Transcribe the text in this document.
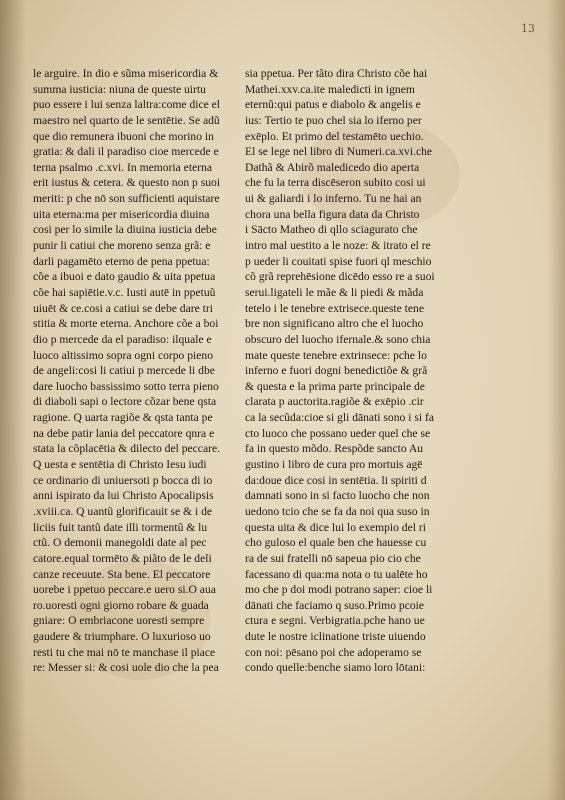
13
le arguire. In dio e sũma misericordia &
summa iusticia: niuna de queste uirtu
puo essere i lui senza laltra:come dice el
maestro nel quarto de le sentētie. Se adũ
que dio remunera ibuoni che morino in
gratia: & dali il paradiso cioe mercede e
terna psalmo .c.xvi. In memoria eterna
erit iustus & cetera. & questo non p suoi
meriti: p che nō son sufficienti aquistare
uita eterna:ma per misericordia diuina
cosi per lo simile la diuina iusticia debe
punir li catiui che moreno senza grã: e
darli pagamēto eterno de pena ppetua:
cõe a ibuoi e dato gaudio & uita ppetua
cõe hai sapiētie.v.c. Iusti autē in ppetuũ
uiuēt & ce.cosi a catiui se debe dare tri
stitia & morte eterna. Anchore cõe a boi
dio p mercede da el paradiso: ilquale e
luoco altissimo sopra ogni corpo pieno
de angeli:cosi li catiui p mercede li dbe
dare luocho bassissimo sotto terra pieno
di diaboli sapi o lectore cõzar bene qsta
ragione. Q uarta ragiõe & qsta tanta pe
na debe patir lania del peccatore qnra e
stata la cõplacētia & dilecto del peccare.
Q uesta e sentētia di Christo Iesu iudi
ce ordinario di uniuersoti p bocca di io
anni ispirato da lui Christo Apocalipsis
.xviii.ca. Q uantũ glorificauit se & i de
liciis fuit tantũ date illi tormentũ & lu
ctũ. O demonii manegoldi date al pec
catore.equal tormēto & piãto de le deli
canze receuute. Sta bene. El peccatore
uorebe i ppetuo peccare.e uero si.O aua
ro.uoresti ogni giorno robare & guada
gniare: O embriacone uoresti sempre
gaudere & triumphare. O luxurioso uo
resti tu che mai nō te manchase il piace
re: Messer si: & cosi uole dio che la pea
sia ppetua. Per tãto dira Christo cõe hai
Mathei.xxv.ca.ite maledicti in ignem
eternũ:qui patus e diabolo & angelis e
ius: Tertio te puo chel sia lo iferno per
exēplo. Et primo del testamēto uechio.
El se lege nel libro di Numeri.ca.xvi.che
Dathã & Abirõ maledicedo dio aperta
che fu la terra discēseron subito cosi ui
ui & galiardi i lo inferno. Tu ne hai an
chora una bella figura data da Christo
i Sācto Matheo di qllo sciagurato che
intro mal uestito a le noze: & itrato el re
p ueder li couitati spise fuori ql meschio
cõ grã reprehēsione dicēdo esso re a suoi
serui.ligateli le mãe & li piedi & mãda
tetelo i le tenebre extrisece.queste tene
bre non significano altro che el luocho
obscuro del luocho ifernale.& sono chia
mate queste tenebre extrinsece: pche lo
inferno e fuori dogni benedictiõe & grã
& questa e la prima parte principale de
clarata p auctorita.ragiõe & exēpio .cir
ca la secũda:cioe si gli dānati sono i si fa
cto luoco che possano ueder quel che se
fa in questo mõdo. Respõde sancto Au
gustino i libro de cura pro mortuis agē
da:doue dice cosi in sentētia. li spiriti d
damnati sono in si facto luocho che non
uedono tcio che se fa da noi qua suso in
questa uita & dice lui lo exempio del ri
cho guloso el quale ben che hauesse cu
ra de sui fratelli nō sapeua pio cio che
facessano di qua:ma nota o tu ualēte ho
mo che p doi modi potrano saper: cioe li
dānati che faciamo q suso.Primo pcoie
ctura e segni. Verbigratia.pche hano ue
dute le nostre iclinatione triste uiuendo
con noi: pēsano poi che adoperamo se
condo quelle:benche siamo loro lōtani:
